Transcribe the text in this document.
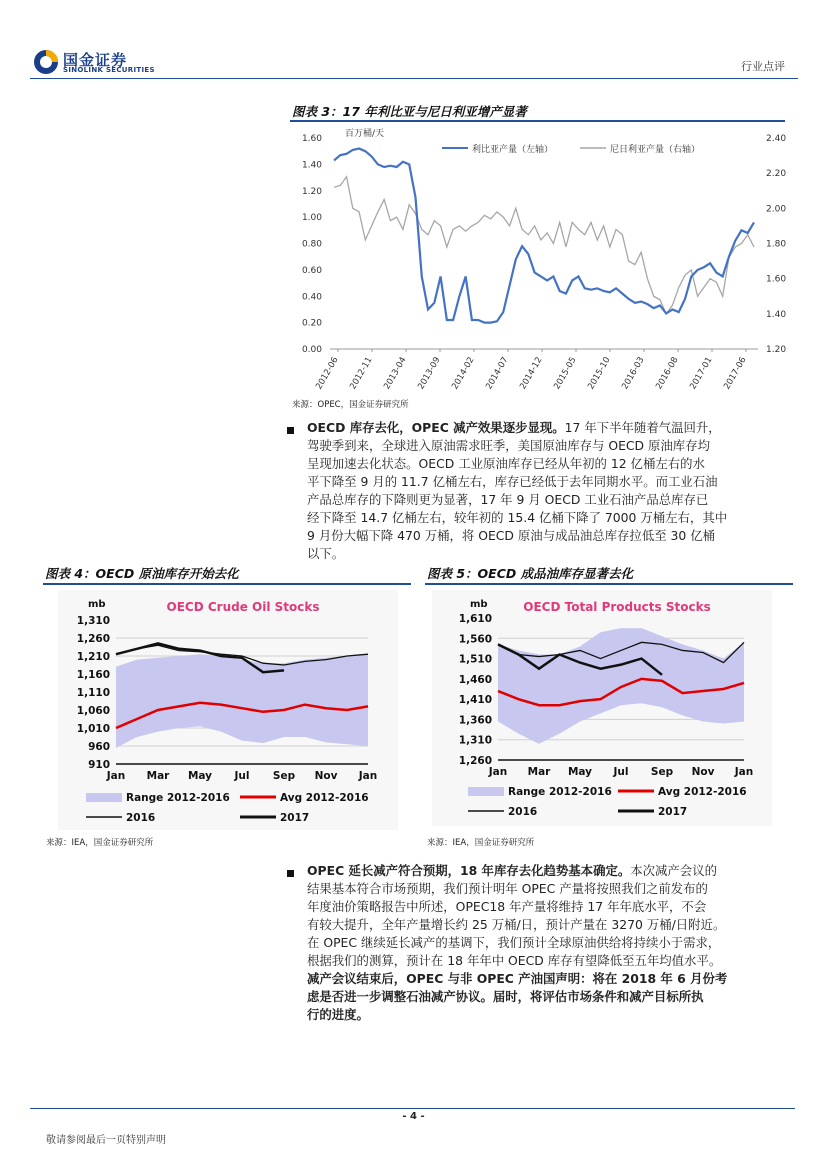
国金证券
SINOLINK SECURITIES	行业点评
图表 3：17 年利比亚与尼日利亚增产显著
百万桶/天
利比亚产量（左轴）	尼日利亚产量（右轴）
0.00
0.20
0.40
0.60
0.80
1.00
1.20
1.40
1.60
1.20
1.40
1.60
1.80
2.00
2.20
2.40
2012-06 2012-11 2013-04 2013-09 2014-02 2014-07 2014-12 2015-05 2015-10 2016-03 2016-08 2017-01 2017-06
来源：OPEC，国金证券研究所
OECD 库存去化，OPEC 减产效果逐步显现。17 年下半年随着气温回升，
驾驶季到来，全球进入原油需求旺季，美国原油库存与 OECD 原油库存均
呈现加速去化状态。OECD 工业原油库存已经从年初的 12 亿桶左右的水
平下降至 9 月的 11.7 亿桶左右，库存已经低于去年同期水平。而工业石油
产品总库存的下降则更为显著，17 年 9 月 OECD 工业石油产品总库存已
经下降至 14.7 亿桶左右，较年初的 15.4 亿桶下降了 7000 万桶左右，其中
9 月份大幅下降 470 万桶，将 OECD 原油与成品油总库存拉低至 30 亿桶
以下。
图表 4：OECD 原油库存开始去化
OECD Crude Oil Stocks
mb
910
960
1,010
1,060
1,110
1,160
1,210
1,260
1,310
Jan Mar May Jul Sep Nov Jan
Range 2012-2016	Avg 2012-2016
2016	2017
来源：IEA，国金证券研究所
图表 5：OECD 成品油库存显著去化
OECD Total Products Stocks
mb
1,260
1,310
1,360
1,410
1,460
1,510
1,560
1,610
Jan Mar May Jul Sep Nov Jan
Range 2012-2016	Avg 2012-2016
2016	2017
来源：IEA，国金证券研究所
OPEC 延长减产符合预期，18 年库存去化趋势基本确定。本次减产会议的
结果基本符合市场预期，我们预计明年 OPEC 产量将按照我们之前发布的
年度油价策略报告中所述，OPEC18 年产量将维持 17 年年底水平，不会
有较大提升，全年产量增长约 25 万桶/日，预计产量在 3270 万桶/日附近。
在 OPEC 继续延长减产的基调下，我们预计全球原油供给将持续小于需求，
根据我们的测算，预计在 18 年年中 OECD 库存有望降低至五年均值水平。
减产会议结束后，OPEC 与非 OPEC 产油国声明：将在 2018 年 6 月份考
虑是否进一步调整石油减产协议。届时，将评估市场条件和减产目标所执
行的进度。
- 4 -
敬请参阅最后一页特别声明
